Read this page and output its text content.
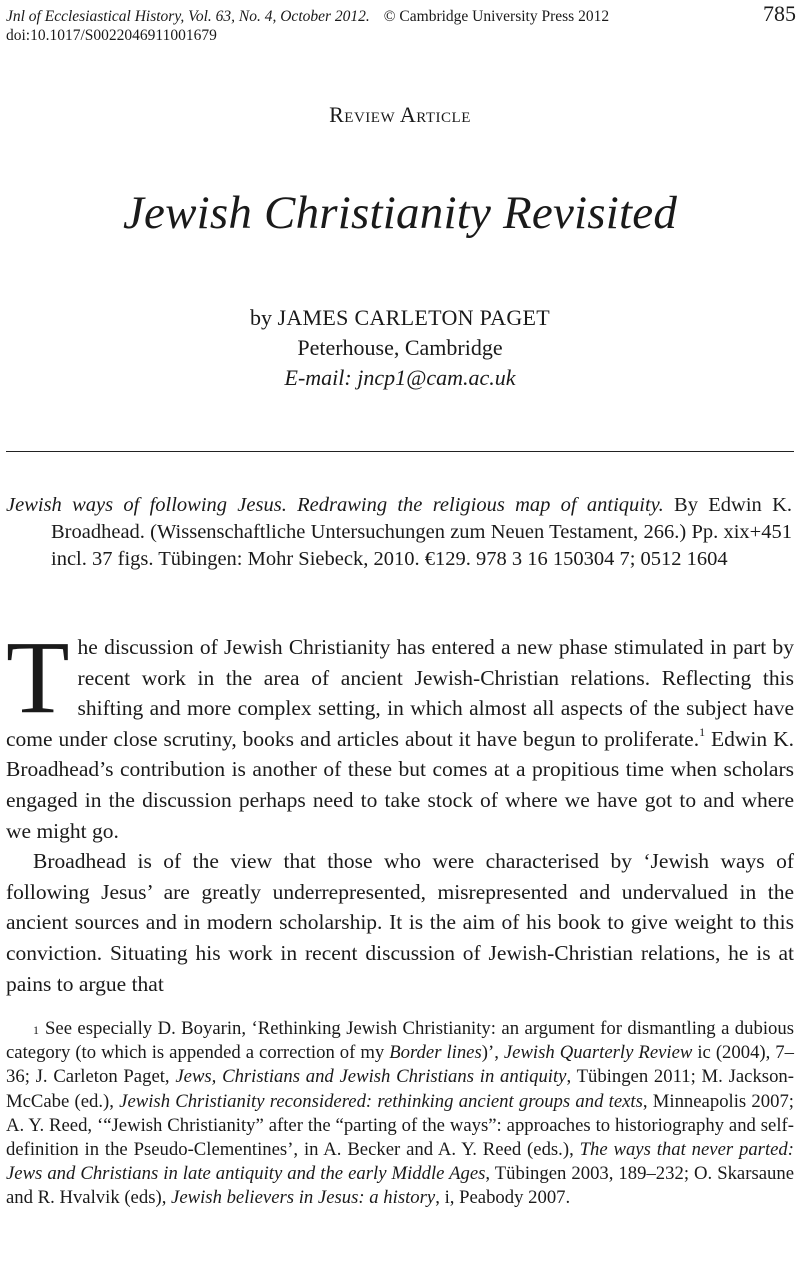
Jnl of Ecclesiastical History, Vol. 63, No. 4, October 2012. © Cambridge University Press 2012	785
doi:10.1017/S0022046911001679
Review Article
Jewish Christianity Revisited
by JAMES CARLETON PAGET
Peterhouse, Cambridge
E-mail: jncp1@cam.ac.uk
Jewish ways of following Jesus. Redrawing the religious map of antiquity. By Edwin K. Broadhead. (Wissenschaftliche Untersuchungen zum Neuen Testament, 266.) Pp. xix+451 incl. 37 figs. Tübingen: Mohr Siebeck, 2010. €129. 978 3 16 150304 7; 0512 1604

The discussion of Jewish Christianity has entered a new phase stimulated in part by recent work in the area of ancient Jewish-Christian relations. Reflecting this shifting and more complex setting, in which almost all aspects of the subject have come under close scrutiny, books and articles about it have begun to proliferate.$^1$ Edwin K. Broadhead’s contribution is another of these but comes at a propitious time when scholars engaged in the discussion perhaps need to take stock of where we have got to and where we might go.

Broadhead is of the view that those who were characterised by ‘Jewish ways of following Jesus’ are greatly underrepresented, misrepresented and undervalued in the ancient sources and in modern scholarship. It is the aim of his book to give weight to this conviction. Situating his work in recent discussion of Jewish-Christian relations, he is at pains to argue that

$^1$ See especially D. Boyarin, ‘Rethinking Jewish Christianity: an argument for dismantling a dubious category (to which is appended a correction of my Border lines)’, Jewish Quarterly Review ic (2004), 7–36; J. Carleton Paget, Jews, Christians and Jewish Christians in antiquity, Tübingen 2011; M. Jackson-McCabe (ed.), Jewish Christianity reconsidered: rethinking ancient groups and texts, Minneapolis 2007; A. Y. Reed, ‘“Jewish Christianity” after the “parting of the ways”: approaches to historiography and self-definition in the Pseudo-Clementines’, in A. Becker and A. Y. Reed (eds.), The ways that never parted: Jews and Christians in late antiquity and the early Middle Ages, Tübingen 2003, 189–232; O. Skarsaune and R. Hvalvik (eds), Jewish believers in Jesus: a history, i, Peabody 2007.
